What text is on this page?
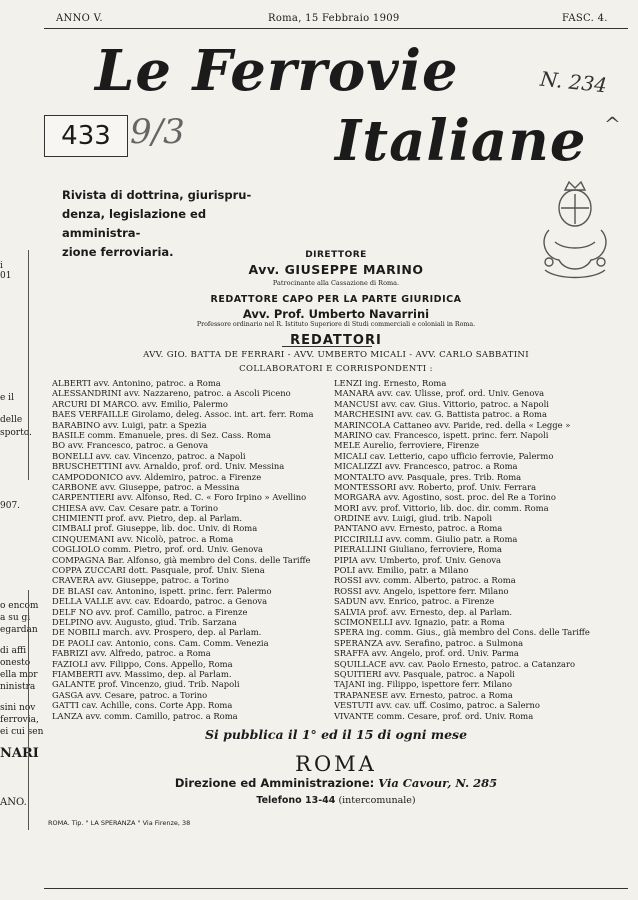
ANNO V.	Roma, 15 Febbraio 1909	FASC. 4.
N. 234
^
Le Ferrovie
Italiane
433 9/3
Rivista di dottrina, giurispru-
denza, legislazione ed amministra-
zione ferroviaria.	DIRETTORE
Avv. GIUSEPPE MARINO
Patrocinante alla Cassazione di Roma.
REDATTORE CAPO PER LA PARTE GIURIDICA
Avv. Prof. Umberto Navarrini
Professore ordinario nel R. Istituto Superiore di Studi commerciali e coloniali in Roma.
REDATTORI
AVV. GIO. BATTA DE FERRARI - AVV. UMBERTO MICALI - AVV. CARLO SABBATINI
COLLABORATORI E CORRISPONDENTI :
ALBERTI avv. Antonino, patroc. a Roma
ALESSANDRINI avv. Nazzareno, patroc. a Ascoli Piceno
ARCURI DI MARCO. avv. Emilio, Palermo
BAES VERFAILLE Girolamo, deleg. Assoc. int. art. ferr. Roma
BARABINO avv. Luigi, patr. a Spezia
BASILE comm. Emanuele, pres. di Sez. Cass. Roma
BO avv. Francesco, patroc. a Genova
BONELLI avv. cav. Vincenzo, patroc. a Napoli
BRUSCHETTINI avv. Arnaldo, prof. ord. Univ. Messina
CAMPODONICO avv. Aldemiro, patroc. a Firenze
CARBONE avv. Giuseppe, patroc. a Messina
CARPENTIERI avv. Alfonso, Red. C. « Foro Irpino » Avellino
CHIESA avv. Cav. Cesare patr. a Torino
CHIMIENTI prof. avv. Pietro, dep. al Parlam.
CIMBALI prof. Giuseppe, lib. doc. Univ. di Roma
CINQUEMANI avv. Nicolò, patroc. a Roma
COGLIOLO comm. Pietro, prof. ord. Univ. Genova
COMPAGNA Bar. Alfonso, già membro del Cons. delle Tariffe
COPPA ZUCCARI dott. Pasquale, prof. Univ. Siena
CRAVERA avv. Giuseppe, patroc. a Torino
DE BLASI cav. Antonino, ispett. princ. ferr. Palermo
DELLA VALLE avv. cav. Edoardo, patroc. a Genova
DELF NO avv. prof. Camillo, patroc. a Firenze
DELPINO avv. Augusto, giud. Trib. Sarzana
DE NOBILI march. avv. Prospero, dep. al Parlam.
DE PAOLI cav. Antonio, cons. Cam. Comm. Venezia
FABRIZI avv. Alfredo, patroc. a Roma
FAZIOLI avv. Filippo, Cons. Appello, Roma
FIAMBERTI avv. Massimo, dep. al Parlam.
GALANTE prof. Vincenzo, giud. Trib. Napoli
GASGA avv. Cesare, patroc. a Torino
GATTI cav. Achille, cons. Corte App. Roma
LANZA avv. comm. Camillo, patroc. a Roma
LENZI ing. Ernesto, Roma
MANARA avv. cav. Ulisse, prof. ord. Univ. Genova
MANCUSI avv. cav. Gius. Vittorio, patroc. a Napoli
MARCHESINI avv. cav. G. Battista patroc. a Roma
MARINCOLA Cattaneo avv. Paride, red. della « Legge »
MARINO cav. Francesco, ispett. princ. ferr. Napoli
MELE Aurelio, ferroviere, Firenze
MICALI cav. Letterio, capo ufficio ferrovie, Palermo
MICALIZZI avv. Francesco, patroc. a Roma
MONTALTO avv. Pasquale, pres. Trib. Roma
MONTESSORI avv. Roberto, prof. Univ. Ferrara
MORGARA avv. Agostino, sost. proc. del Re a Torino
MORI avv. prof. Vittorio, lib. doc. dir. comm. Roma
ORDINE avv. Luigi, giud. trib. Napoli
PANTANO avv. Ernesto, patroc. a Roma
PICCIRILLI avv. comm. Giulio patr. a Roma
PIERALLINI Giuliano, ferroviere, Roma
PIPIA avv. Umberto, prof. Univ. Genova
POLI avv. Emilio, patr. a Milano
ROSSI avv. comm. Alberto, patroc. a Roma
ROSSI avv. Angelo, ispettore ferr. Milano
SADUN avv. Enrico, patroc. a Firenze
SALVIA prof. avv. Ernesto, dep. al Parlam.
SCIMONELLI avv. Ignazio, patr. a Roma
SPERA ing. comm. Gius., già membro del Cons. delle Tariffe
SPERANZA avv. Serafino, patroc. a Sulmona
SRAFFA avv. Angelo, prof. ord. Univ. Parma
SQUILLACE avv. cav. Paolo Ernesto, patroc. a Catanzaro
SQUITIERI avv. Pasquale, patroc. a Napoli
TAJANI ing. Filippo, ispettore ferr. Milano
TRAPANESE avv. Ernesto, patroc. a Roma
VESTUTI avv. cav. uff. Cosimo, patroc. a Salerno
VIVANTE comm. Cesare, prof. ord. Univ. Roma
Si pubblica il 1° ed il 15 di ogni mese
ROMA
Direzione ed Amministrazione: Via Cavour, N. 285
Telefono 13-44 (intercomunale)
ROMA. Tip. " LA SPERANZA " Via Firenze, 38
i
01
e il
delle
sporto.
907.
o encom
a su gi
egardan
di affi
onesto
ella mor
ninistra
sini nov
ferrovia,
ei cui sen
NARI
ANO.
